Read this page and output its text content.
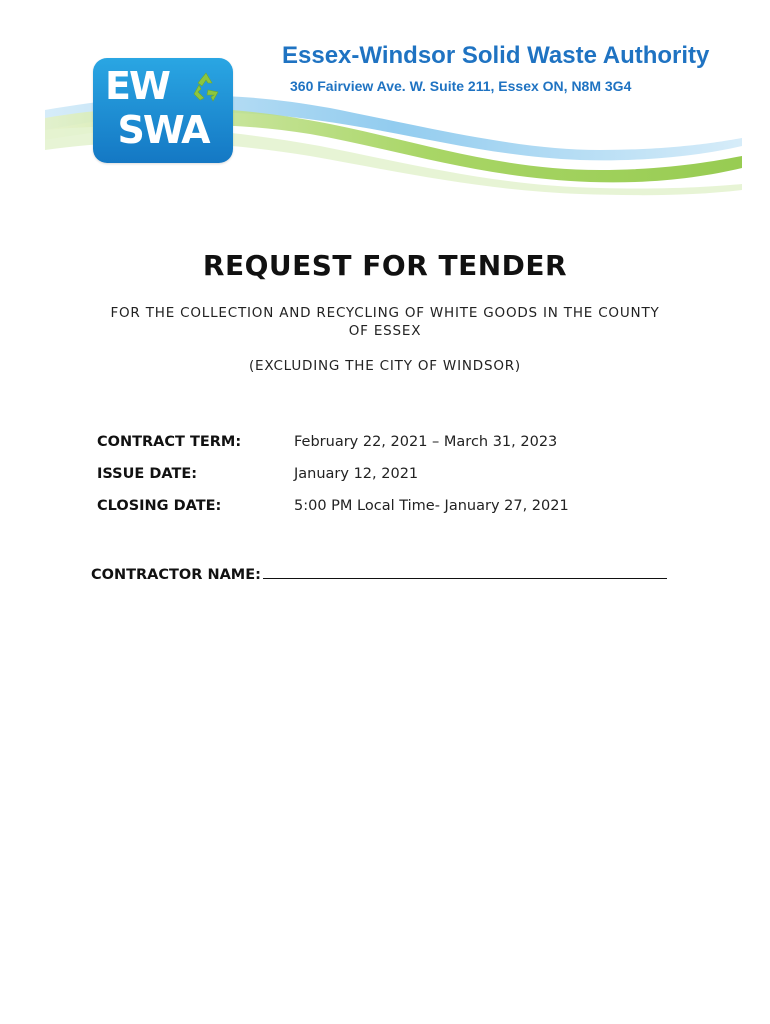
EW
SWA
Essex-Windsor Solid Waste Authority
360 Fairview Ave. W. Suite 211, Essex ON, N8M 3G4
REQUEST FOR TENDER
FOR THE COLLECTION AND RECYCLING OF WHITE GOODS IN THE COUNTY OF ESSEX
(EXCLUDING THE CITY OF WINDSOR)
CONTRACT TERM:	February 22, 2021 – March 31, 2023
ISSUE DATE:	January 12, 2021
CLOSING DATE:	5:00 PM Local Time- January 27, 2021
CONTRACTOR NAME:
